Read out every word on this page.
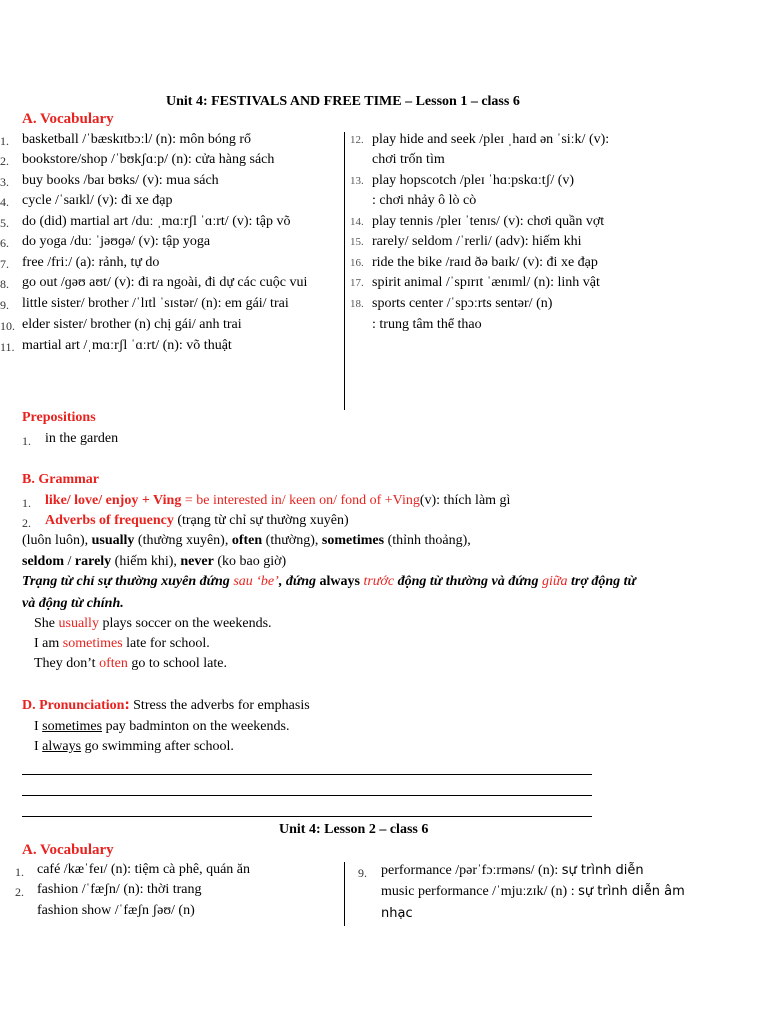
Unit 4: FESTIVALS AND FREE TIME – Lesson 1 – class 6
A. Vocabulary
1. basketball /ˈbæskɪtbɔːl/ (n): môn bóng rổ
2. bookstore/shop /ˈbʊkʃɑːp/ (n): cửa hàng sách
3. buy books /baɪ bʊks/ (v): mua sách
4. cycle /ˈsaɪkl/ (v): đi xe đạp
5. do (did) martial art /duː ˌmɑːrʃl ˈɑːrt/ (v): tập võ
6. do yoga /duː ˈjəʊɡə/ (v): tập yoga
7. free /friː/ (a): rảnh, tự do
8. go out /ɡəʊ aʊt/ (v): đi ra ngoài, đi dự các cuộc vui
9. little sister/ brother /ˈlɪtl ˈsɪstər/ (n): em gái/ trai
10. elder sister/ brother (n) chị gái/ anh trai
11. martial art /ˌmɑːrʃl ˈɑːrt/ (n): võ thuật
12. play hide and seek /pleɪ ˌhaɪd ən ˈsiːk/ (v):
chơi trốn tìm
13. play hopscotch /pleɪ ˈhɑːpskɑːtʃ/ (v)
: chơi nhảy ô lò cò
14. play tennis /pleɪ ˈtenɪs/ (v): chơi quần vợt
15. rarely/ seldom /ˈrerli/ (adv): hiếm khi
16. ride the bike /raɪd ðə baɪk/ (v): đi xe đạp
17. spirit animal /ˈspɪrɪt ˈænɪml/ (n): linh vật
18. sports center /ˈspɔːrts sentər/ (n)
: trung tâm thể thao
Prepositions
1. in the garden
B. Grammar
1. like/ love/ enjoy + Ving = be interested in/ keen on/ fond of +Ving(v): thích làm gì
2. Adverbs of frequency (trạng từ chỉ sự thường xuyên)
(luôn luôn), usually (thường xuyên), often (thường), sometimes (thỉnh thoảng),
seldom / rarely (hiếm khi), never (ko bao giờ)
Trạng từ chỉ sự thường xuyên đứng sau ‘be’, đứng always trước động từ thường và đứng giữa trợ động từ
và động từ chính.
She usually plays soccer on the weekends.
I am sometimes late for school.
They don’t often go to school late.
D. Pronunciation: Stress the adverbs for emphasis
I sometimes pay badminton on the weekends.
I always go swimming after school.
Unit 4: Lesson 2 – class 6
A. Vocabulary
1. café /kæˈfeɪ/ (n): tiệm cà phê, quán ăn
2. fashion /ˈfæʃn/ (n): thời trang
fashion show /ˈfæʃn ʃəʊ/ (n)
9. performance /pərˈfɔːrməns/ (n): sự trình diễn
music performance /ˈmjuːzɪk/ (n) : sự trình diễn âm
nhạc
